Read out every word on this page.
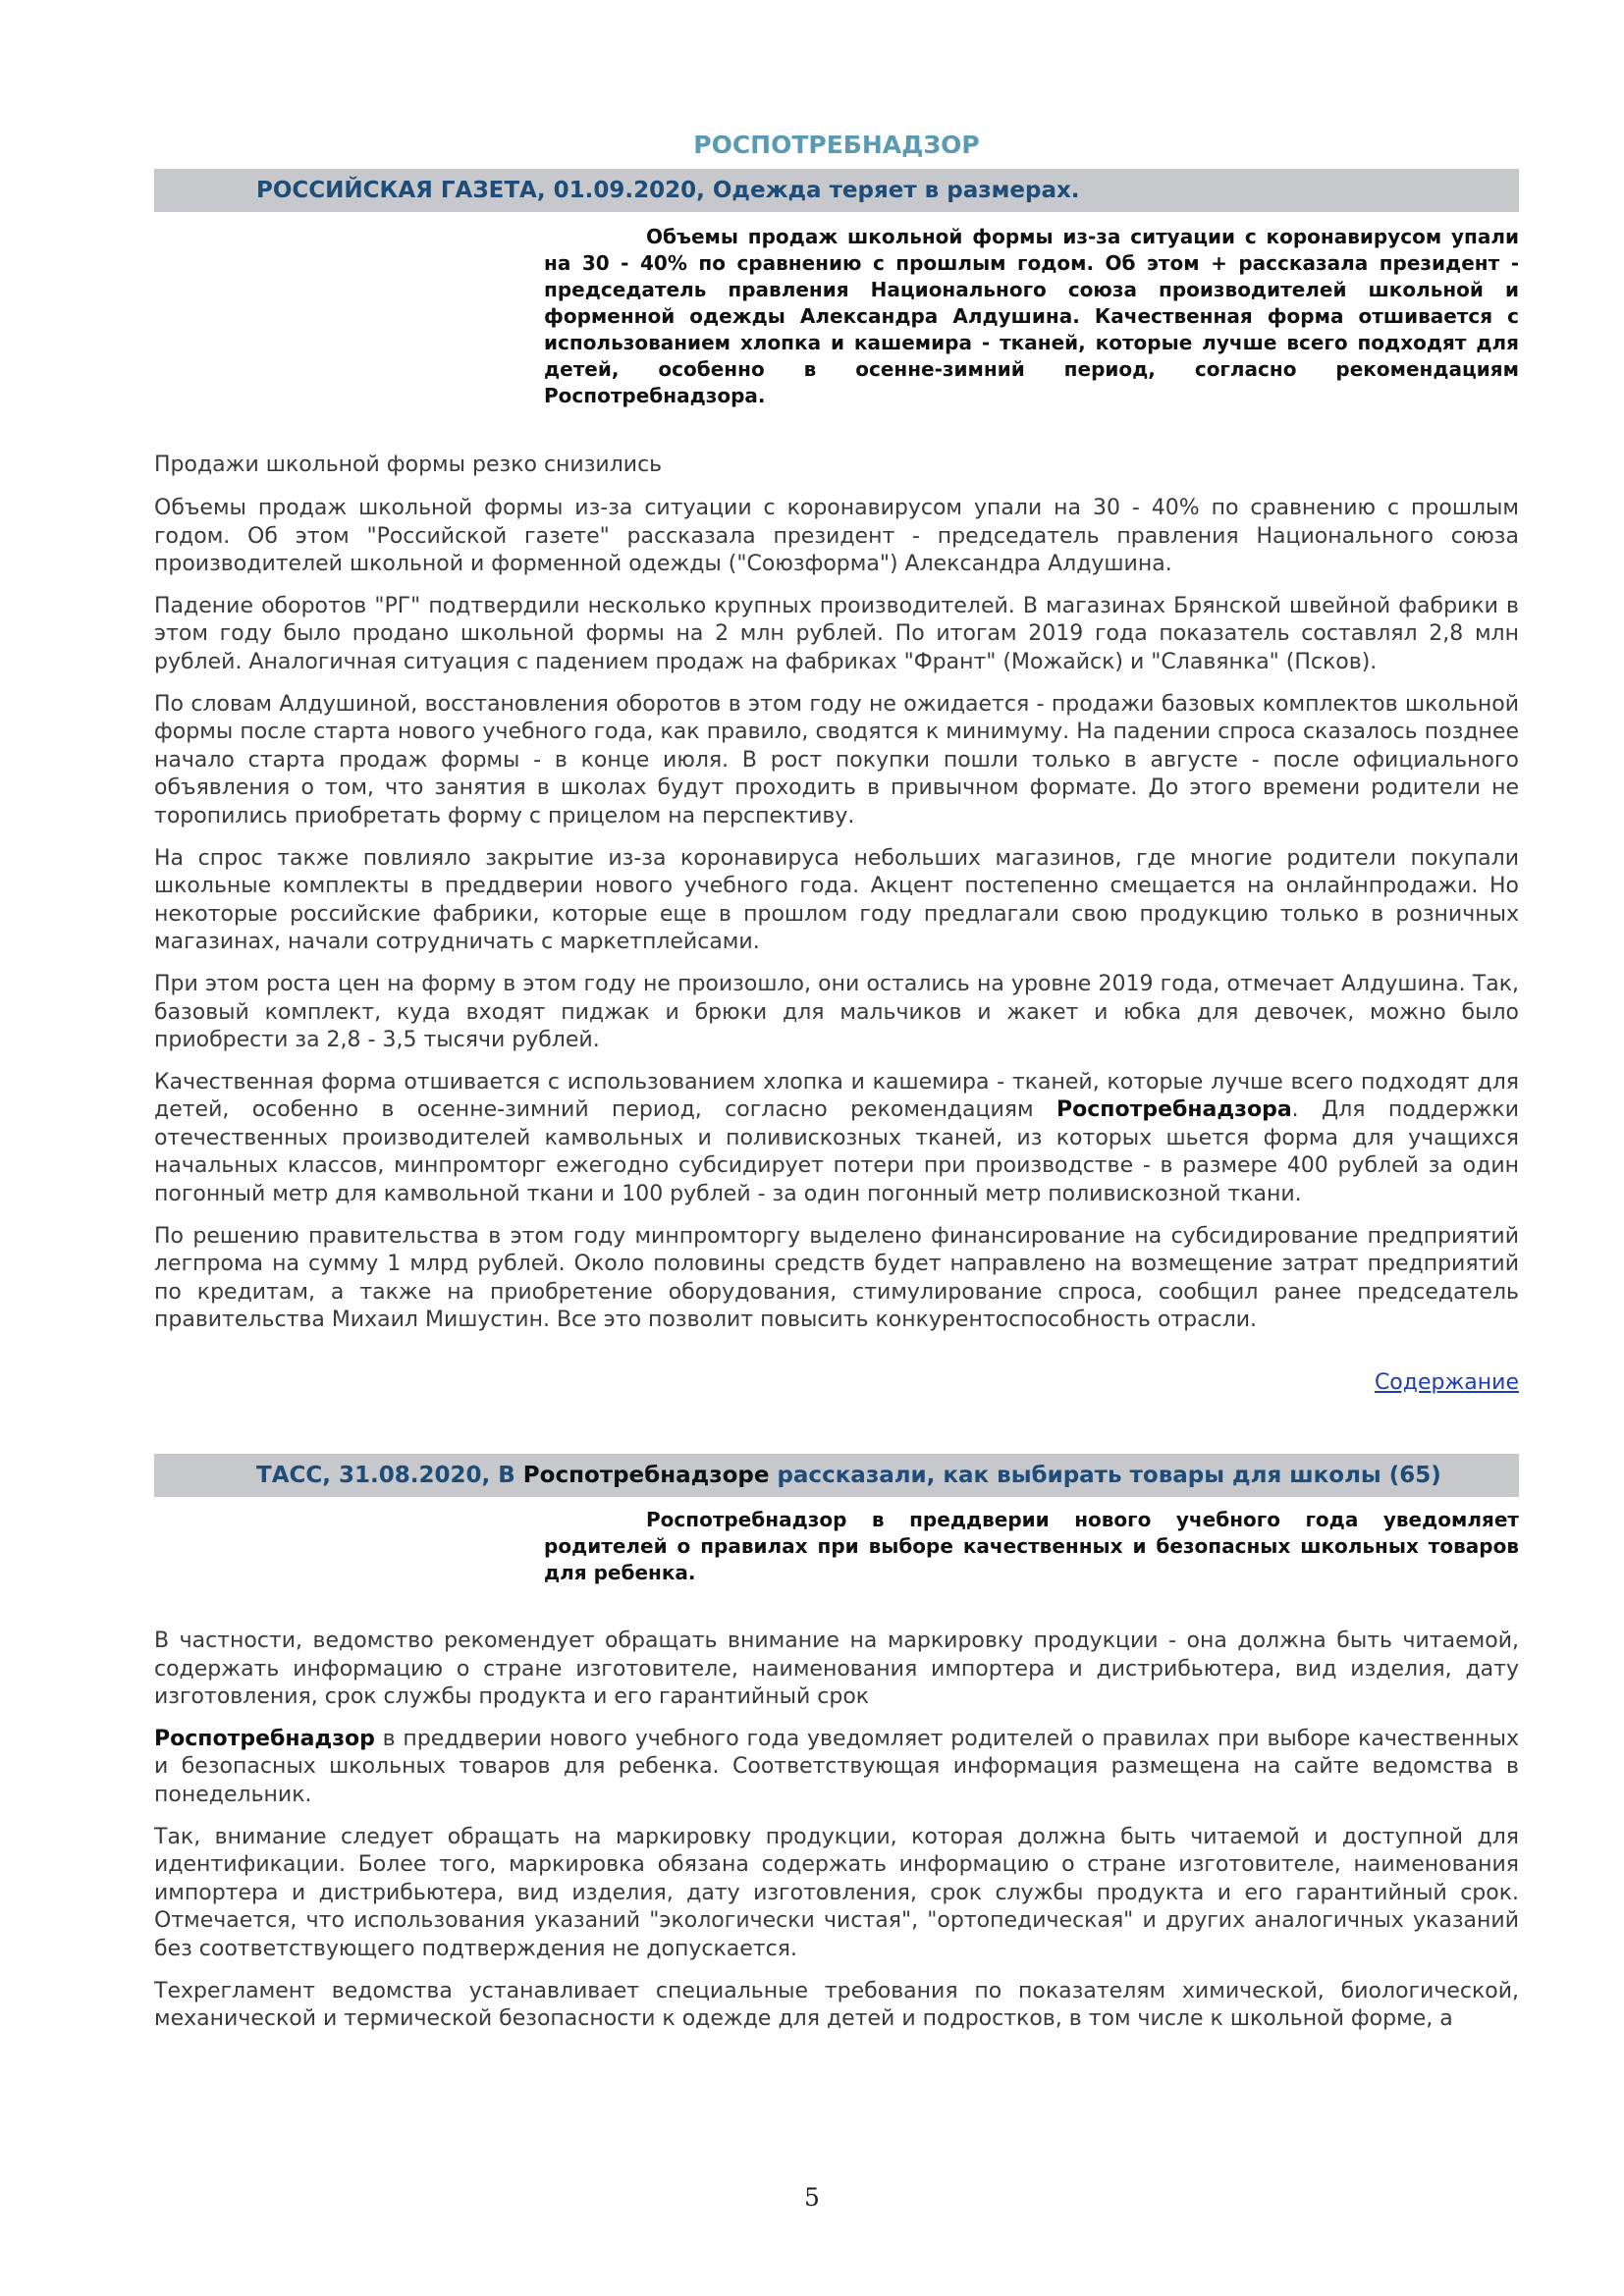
РОСПОТРЕБНАДЗОР
РОССИЙСКАЯ ГАЗЕТА, 01.09.2020, Одежда теряет в размерах.
Объемы продаж школьной формы из-за ситуации с коронавирусом упали на 30 - 40% по сравнению с прошлым годом. Об этом + рассказала президент - председатель правления Национального союза производителей школьной и форменной одежды Александра Алдушина. Качественная форма отшивается с использованием хлопка и кашемира - тканей, которые лучше всего подходят для детей, особенно в осенне-зимний период, согласно рекомендациям Роспотребнадзора.
Продажи школьной формы резко снизились

Объемы продаж школьной формы из-за ситуации с коронавирусом упали на 30 - 40% по сравнению с прошлым годом. Об этом "Российской газете" рассказала президент - председатель правления Национального союза производителей школьной и форменной одежды ("Союзформа") Александра Алдушина.

Падение оборотов "РГ" подтвердили несколько крупных производителей. В магазинах Брянской швейной фабрики в этом году было продано школьной формы на 2 млн рублей. По итогам 2019 года показатель составлял 2,8 млн рублей. Аналогичная ситуация с падением продаж на фабриках "Франт" (Можайск) и "Славянка" (Псков).

По словам Алдушиной, восстановления оборотов в этом году не ожидается - продажи базовых комплектов школьной формы после старта нового учебного года, как правило, сводятся к минимуму. На падении спроса сказалось позднее начало старта продаж формы - в конце июля. В рост покупки пошли только в августе - после официального объявления о том, что занятия в школах будут проходить в привычном формате. До этого времени родители не торопились приобретать форму с прицелом на перспективу.

На спрос также повлияло закрытие из-за коронавируса небольших магазинов, где многие родители покупали школьные комплекты в преддверии нового учебного года. Акцент постепенно смещается на онлайнпродажи. Но некоторые российские фабрики, которые еще в прошлом году предлагали свою продукцию только в розничных магазинах, начали сотрудничать с маркетплейсами.

При этом роста цен на форму в этом году не произошло, они остались на уровне 2019 года, отмечает Алдушина. Так, базовый комплект, куда входят пиджак и брюки для мальчиков и жакет и юбка для девочек, можно было приобрести за 2,8 - 3,5 тысячи рублей.

Качественная форма отшивается с использованием хлопка и кашемира - тканей, которые лучше всего подходят для детей, особенно в осенне-зимний период, согласно рекомендациям Роспотребнадзора. Для поддержки отечественных производителей камвольных и поливискозных тканей, из которых шьется форма для учащихся начальных классов, минпромторг ежегодно субсидирует потери при производстве - в размере 400 рублей за один погонный метр для камвольной ткани и 100 рублей - за один погонный метр поливискозной ткани.

По решению правительства в этом году минпромторгу выделено финансирование на субсидирование предприятий легпрома на сумму 1 млрд рублей. Около половины средств будет направлено на возмещение затрат предприятий по кредитам, а также на приобретение оборудования, стимулирование спроса, сообщил ранее председатель правительства Михаил Мишустин. Все это позволит повысить конкурентоспособность отрасли.

Содержание
ТАСС, 31.08.2020, В Роспотребнадзоре рассказали, как выбирать товары для школы (65)
Роспотребнадзор в преддверии нового учебного года уведомляет родителей о правилах при выборе качественных и безопасных школьных товаров для ребенка.

В частности, ведомство рекомендует обращать внимание на маркировку продукции - она должна быть читаемой, содержать информацию о стране изготовителе, наименования импортера и дистрибьютера, вид изделия, дату изготовления, срок службы продукта и его гарантийный срок

Роспотребнадзор в преддверии нового учебного года уведомляет родителей о правилах при выборе качественных и безопасных школьных товаров для ребенка. Соответствующая информация размещена на сайте ведомства в понедельник.

Так, внимание следует обращать на маркировку продукции, которая должна быть читаемой и доступной для идентификации. Более того, маркировка обязана содержать информацию о стране изготовителе, наименования импортера и дистрибьютера, вид изделия, дату изготовления, срок службы продукта и его гарантийный срок. Отмечается, что использования указаний "экологически чистая", "ортопедическая" и других аналогичных указаний без соответствующего подтверждения не допускается.

Техрегламент ведомства устанавливает специальные требования по показателям химической, биологической, механической и термической безопасности к одежде для детей и подростков, в том числе к школьной форме, а

5
